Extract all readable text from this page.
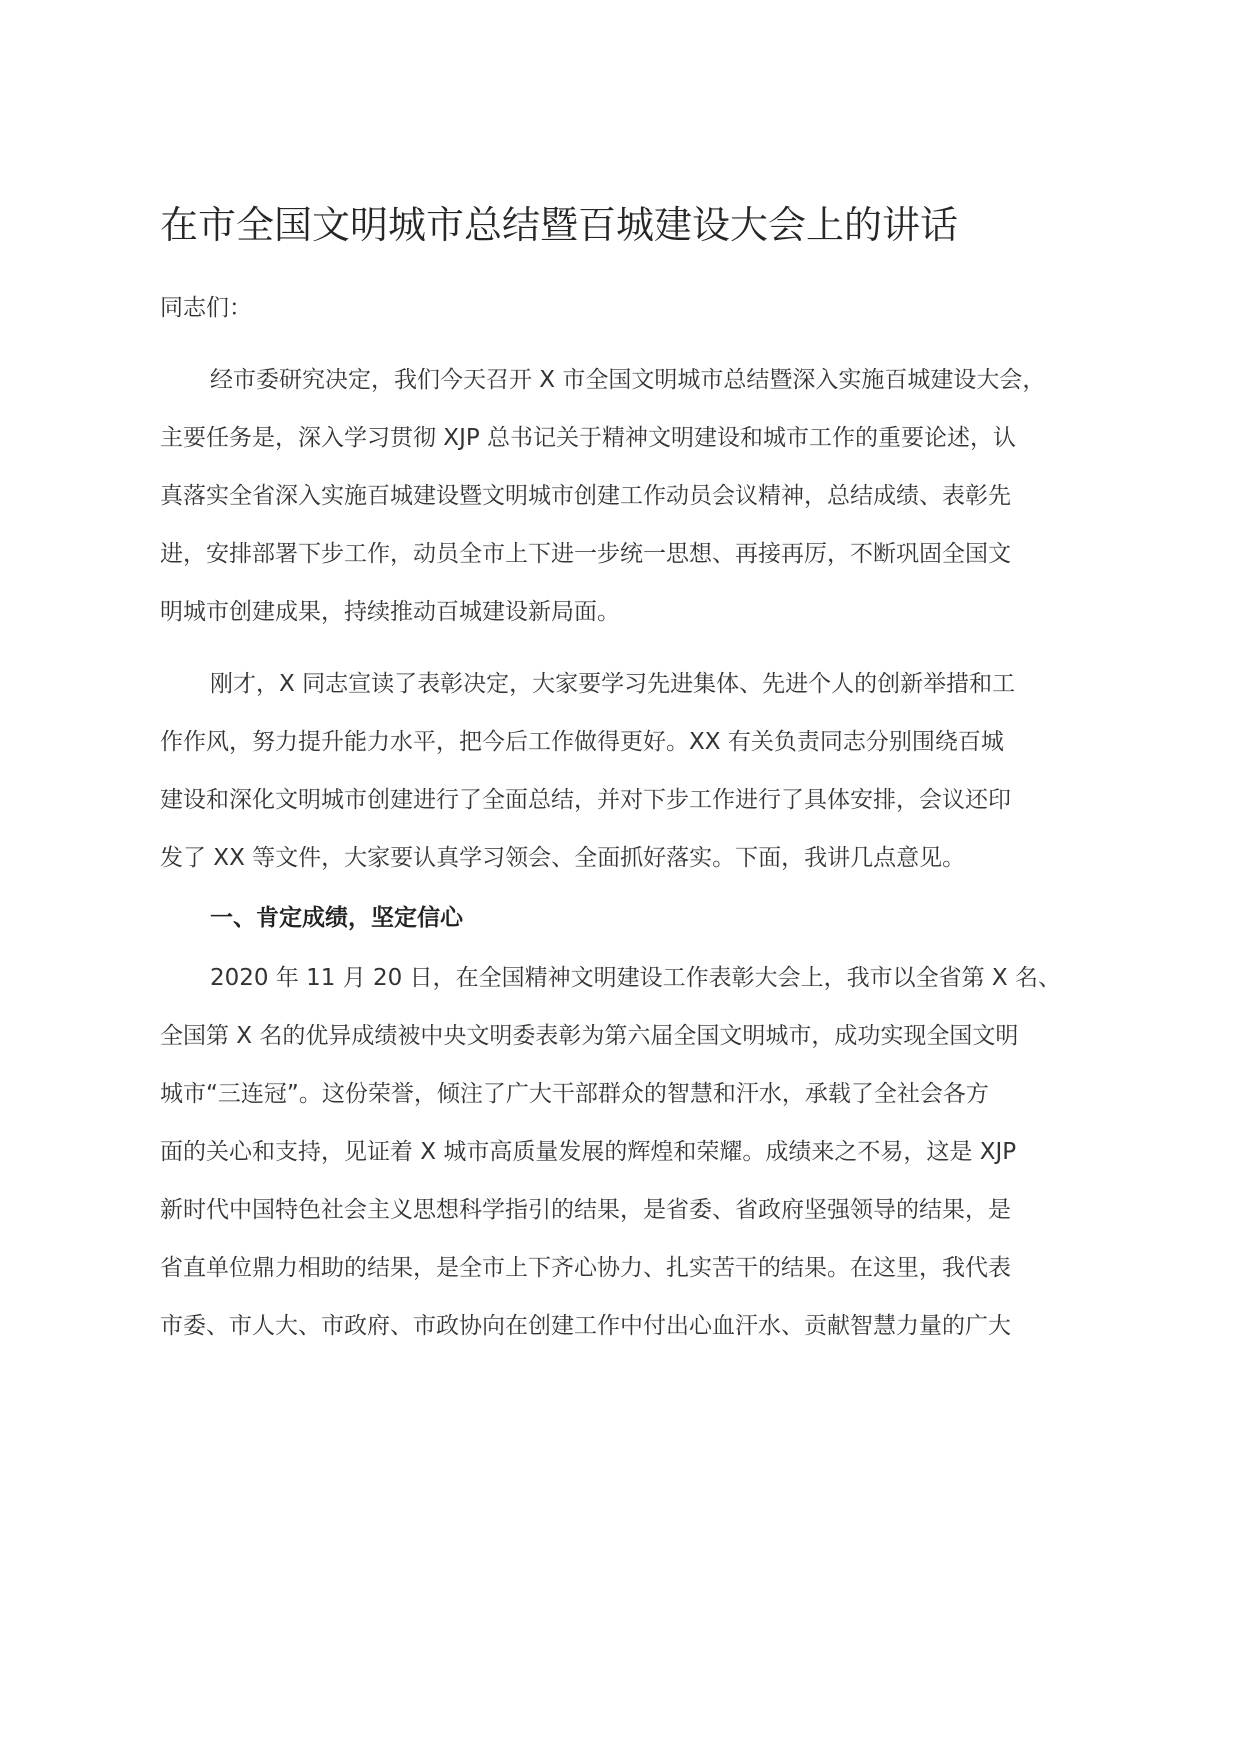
在市全国文明城市总结暨百城建设大会上的讲话

同志们：

经市委研究决定，我们今天召开 X 市全国文明城市总结暨深入实施百城建设大会，

主要任务是，深入学习贯彻 XJP 总书记关于精神文明建设和城市工作的重要论述，认

真落实全省深入实施百城建设暨文明城市创建工作动员会议精神，总结成绩、表彰先

进，安排部署下步工作，动员全市上下进一步统一思想、再接再厉，不断巩固全国文

明城市创建成果，持续推动百城建设新局面。

刚才，X 同志宣读了表彰决定，大家要学习先进集体、先进个人的创新举措和工

作作风，努力提升能力水平，把今后工作做得更好。XX 有关负责同志分别围绕百城

建设和深化文明城市创建进行了全面总结，并对下步工作进行了具体安排，会议还印

发了 XX 等文件，大家要认真学习领会、全面抓好落实。下面，我讲几点意见。

一、肯定成绩，坚定信心

2020 年 11 月 20 日，在全国精神文明建设工作表彰大会上，我市以全省第 X 名、

全国第 X 名的优异成绩被中央文明委表彰为第六届全国文明城市，成功实现全国文明

城市“三连冠”。这份荣誉，倾注了广大干部群众的智慧和汗水，承载了全社会各方

面的关心和支持，见证着 X 城市高质量发展的辉煌和荣耀。成绩来之不易，这是 XJP

新时代中国特色社会主义思想科学指引的结果，是省委、省政府坚强领导的结果，是

省直单位鼎力相助的结果，是全市上下齐心协力、扎实苦干的结果。在这里，我代表

市委、市人大、市政府、市政协向在创建工作中付出心血汗水、贡献智慧力量的广大
